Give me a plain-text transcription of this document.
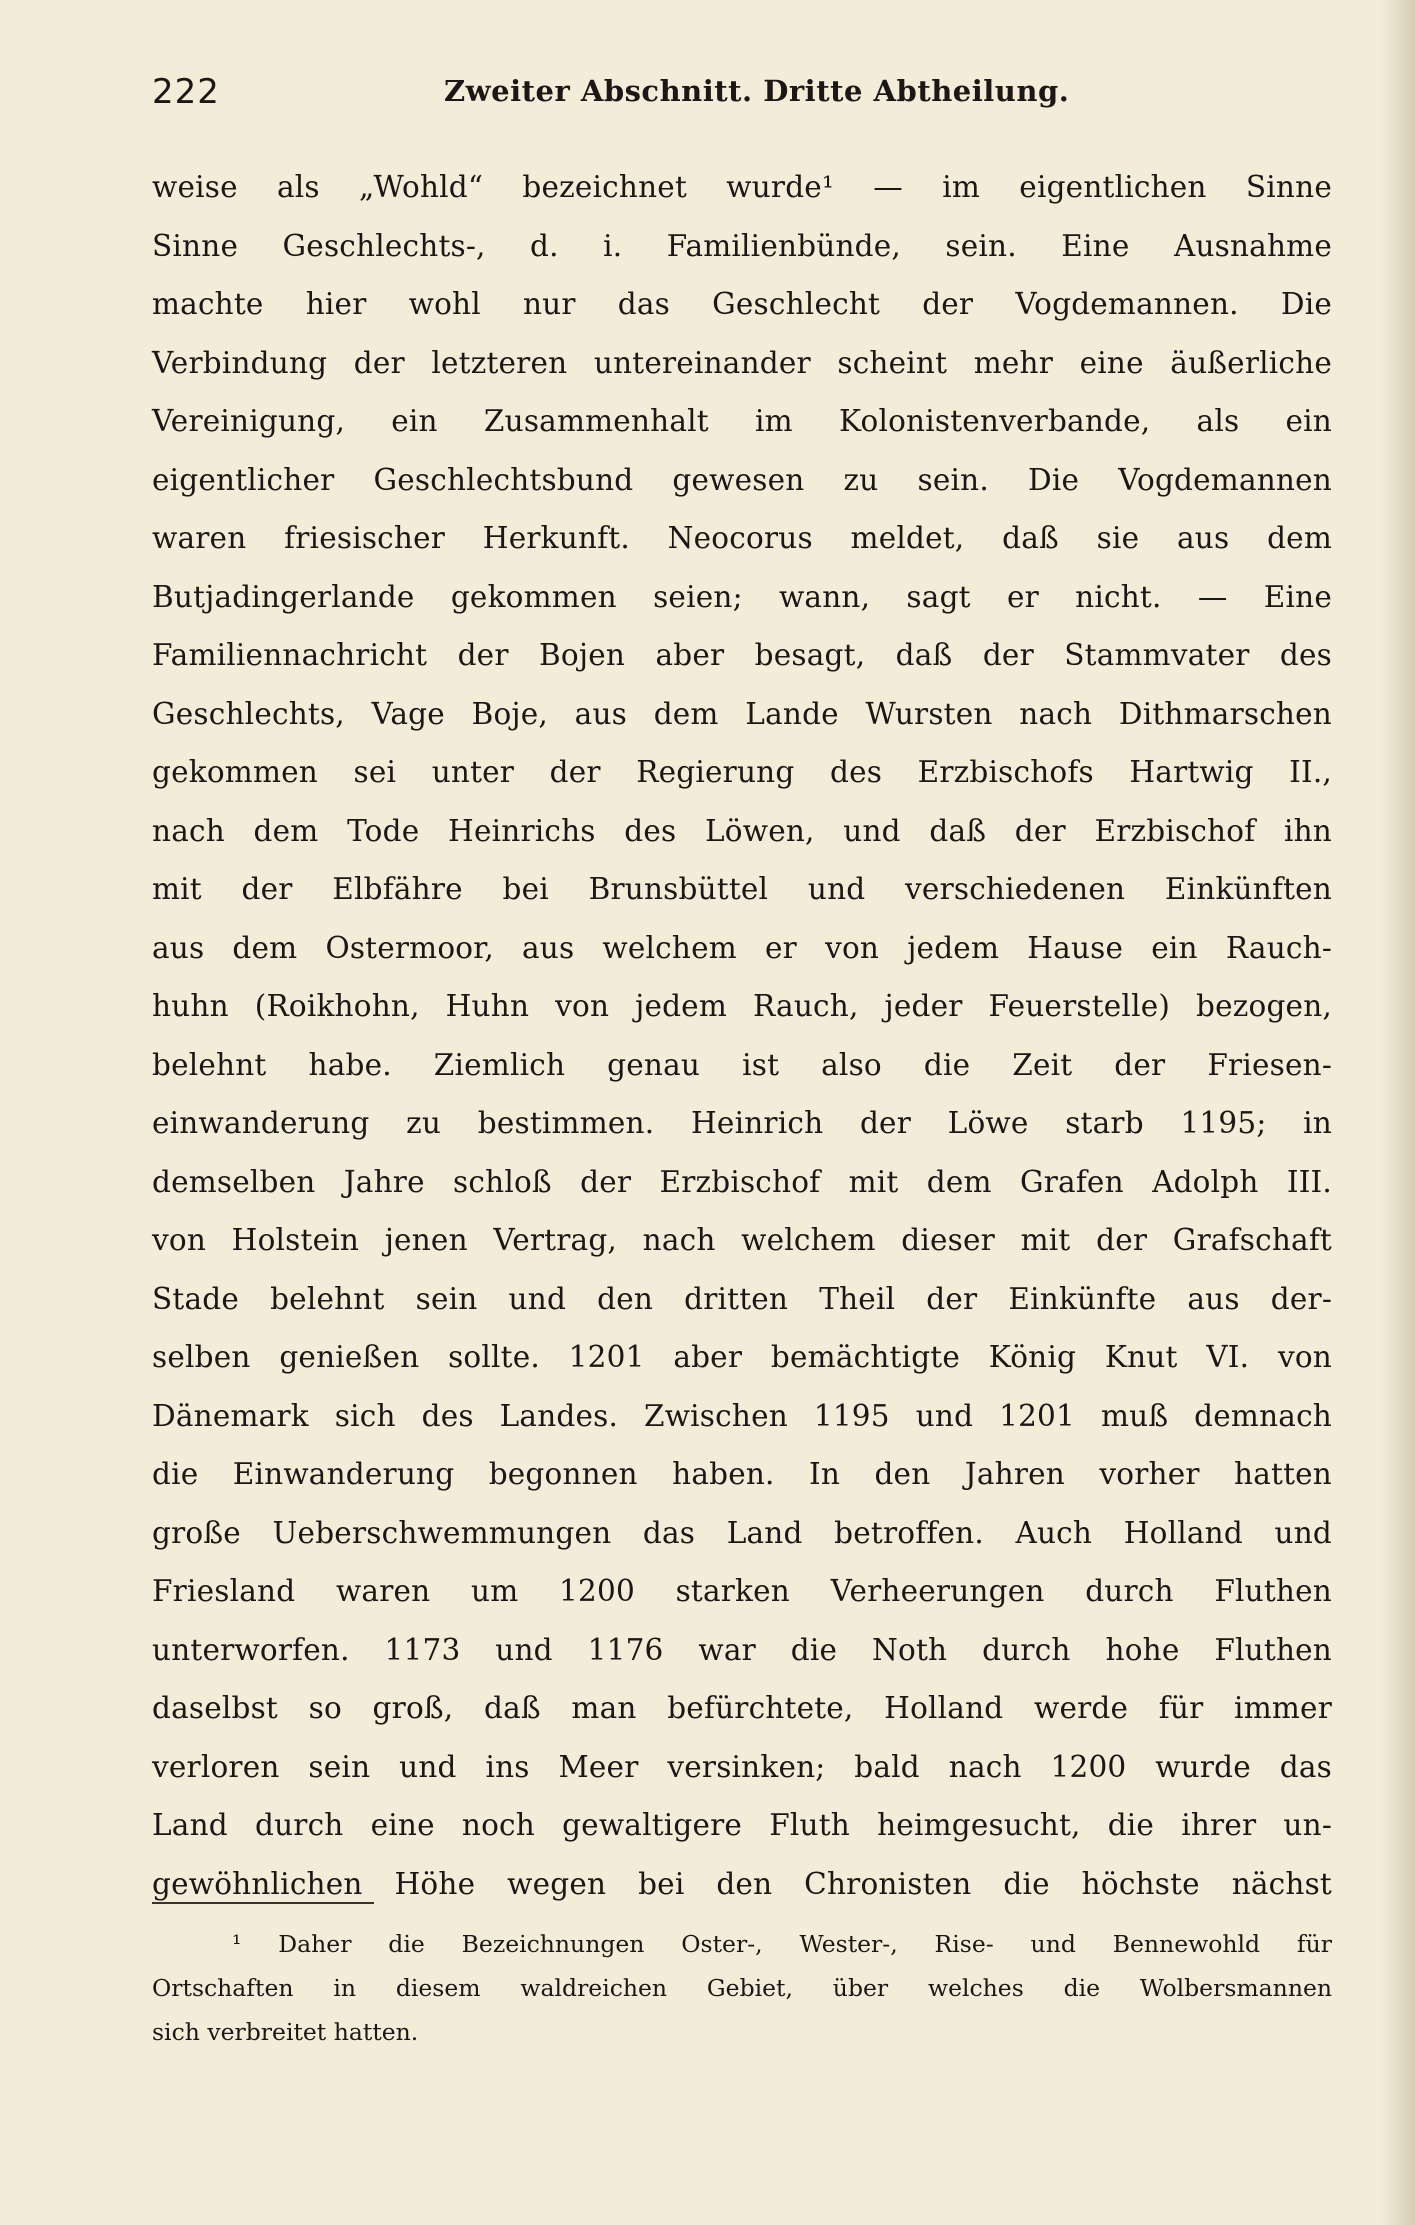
222	Zweiter Abschnitt. Dritte Abtheilung.
weise als „Wohld“ bezeichnet wurde¹ — im eigentlichen Sinne
Sinne Geschlechts-, d. i. Familienbünde, sein. Eine Ausnahme
machte hier wohl nur das Geschlecht der Vogdemannen. Die
Verbindung der letzteren untereinander scheint mehr eine äußerliche
Vereinigung, ein Zusammenhalt im Kolonistenverbande, als ein
eigentlicher Geschlechtsbund gewesen zu sein. Die Vogdemannen
waren friesischer Herkunft. Neocorus meldet, daß sie aus dem
Butjadingerlande gekommen seien; wann, sagt er nicht. — Eine
Familiennachricht der Bojen aber besagt, daß der Stammvater des
Geschlechts, Vage Boje, aus dem Lande Wursten nach Dithmarschen
gekommen sei unter der Regierung des Erzbischofs Hartwig II.,
nach dem Tode Heinrichs des Löwen, und daß der Erzbischof ihn
mit der Elbfähre bei Brunsbüttel und verschiedenen Einkünften
aus dem Ostermoor, aus welchem er von jedem Hause ein Rauch-
huhn (Roikhohn, Huhn von jedem Rauch, jeder Feuerstelle) bezogen,
belehnt habe. Ziemlich genau ist also die Zeit der Friesen-
einwanderung zu bestimmen. Heinrich der Löwe starb 1195; in
demselben Jahre schloß der Erzbischof mit dem Grafen Adolph III.
von Holstein jenen Vertrag, nach welchem dieser mit der Grafschaft
Stade belehnt sein und den dritten Theil der Einkünfte aus der-
selben genießen sollte. 1201 aber bemächtigte König Knut VI. von
Dänemark sich des Landes. Zwischen 1195 und 1201 muß demnach
die Einwanderung begonnen haben. In den Jahren vorher hatten
große Ueberschwemmungen das Land betroffen. Auch Holland und
Friesland waren um 1200 starken Verheerungen durch Fluthen
unterworfen. 1173 und 1176 war die Noth durch hohe Fluthen
daselbst so groß, daß man befürchtete, Holland werde für immer
verloren sein und ins Meer versinken; bald nach 1200 wurde das
Land durch eine noch gewaltigere Fluth heimgesucht, die ihrer un-
gewöhnlichen Höhe wegen bei den Chronisten die höchste nächst
¹ Daher die Bezeichnungen Oster-, Wester-, Rise- und Bennewohld für
Ortschaften in diesem waldreichen Gebiet, über welches die Wolbersmannen
sich verbreitet hatten.
